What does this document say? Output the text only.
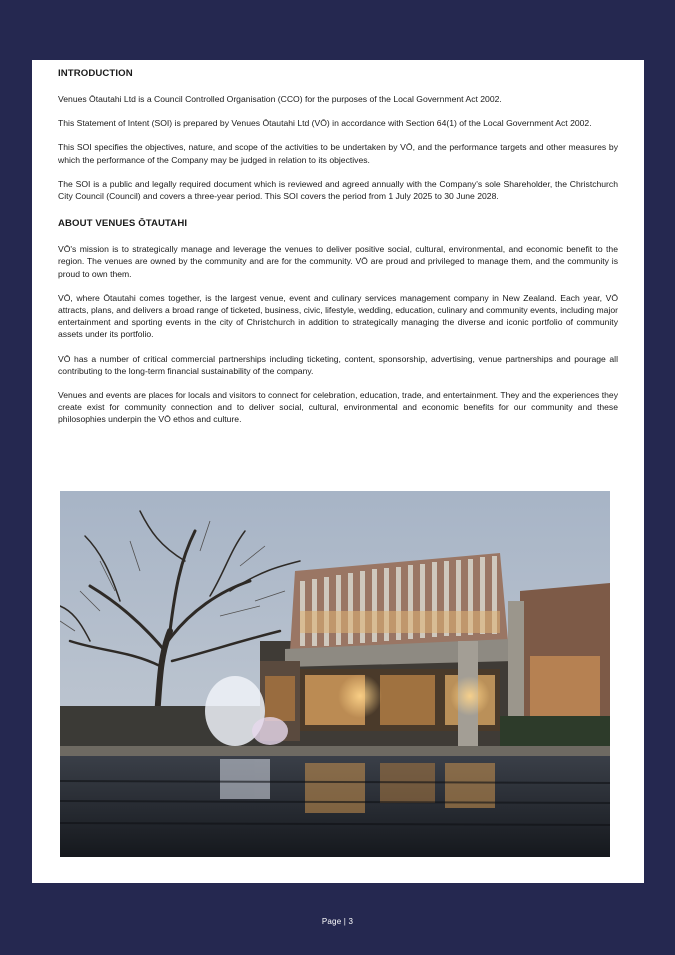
INTRODUCTION

Venues Ōtautahi Ltd is a Council Controlled Organisation (CCO) for the purposes of the Local Government Act 2002.

This Statement of Intent (SOI) is prepared by Venues Ōtautahi Ltd (VŌ) in accordance with Section 64(1) of the Local Government Act 2002.

This SOI specifies the objectives, nature, and scope of the activities to be undertaken by VŌ, and the performance targets and other measures by which the performance of the Company may be judged in relation to its objectives.

The SOI is a public and legally required document which is reviewed and agreed annually with the Company's sole Shareholder, the Christchurch City Council (Council) and covers a three-year period. This SOI covers the period from 1 July 2025 to 30 June 2028.

ABOUT VENUES ŌTAUTAHI

VŌ's mission is to strategically manage and leverage the venues to deliver positive social, cultural, environmental, and economic benefit to the region. The venues are owned by the community and are for the community. VŌ are proud and privileged to manage them, and the community is proud to own them.

VŌ, where Ōtautahi comes together, is the largest venue, event and culinary services management company in New Zealand. Each year, VŌ attracts, plans, and delivers a broad range of ticketed, business, civic, lifestyle, wedding, education, culinary and community events, including major entertainment and sporting events in the city of Christchurch in addition to strategically managing the diverse and iconic portfolio of community assets under its portfolio.

VŌ has a number of critical commercial partnerships including ticketing, content, sponsorship, advertising, venue partnerships and pourage all contributing to the long-term financial sustainability of the company.

Venues and events are places for locals and visitors to connect for celebration, education, trade, and entertainment. They and the experiences they create exist for community connection and to deliver social, cultural, environmental and economic benefits for our community and these philosophies underpin the VŌ ethos and culture.

Page | 3
